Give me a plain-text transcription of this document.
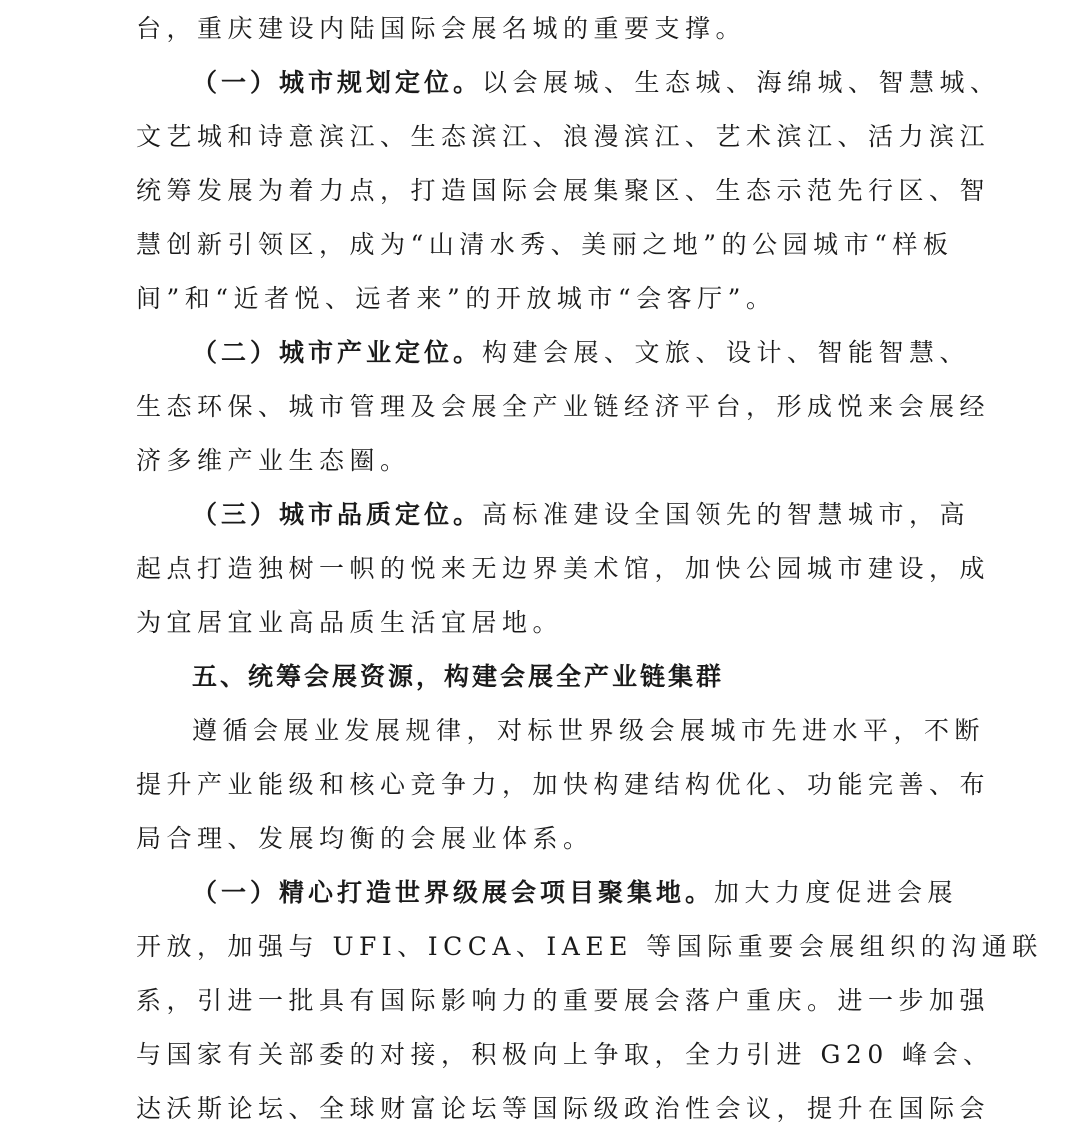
台，重庆建设内陆国际会展名城的重要支撑。

（一）城市规划定位。以会展城、生态城、海绵城、智慧城、
文艺城和诗意滨江、生态滨江、浪漫滨江、艺术滨江、活力滨江
统筹发展为着力点，打造国际会展集聚区、生态示范先行区、智
慧创新引领区，成为“山清水秀、美丽之地”的公园城市“样板
间”和“近者悦、远者来”的开放城市“会客厅”。

（二）城市产业定位。构建会展、文旅、设计、智能智慧、
生态环保、城市管理及会展全产业链经济平台，形成悦来会展经
济多维产业生态圈。

（三）城市品质定位。高标准建设全国领先的智慧城市，高
起点打造独树一帜的悦来无边界美术馆，加快公园城市建设，成
为宜居宜业高品质生活宜居地。

五、统筹会展资源，构建会展全产业链集群

遵循会展业发展规律，对标世界级会展城市先进水平，不断
提升产业能级和核心竞争力，加快构建结构优化、功能完善、布
局合理、发展均衡的会展业体系。

（一）精心打造世界级展会项目聚集地。加大力度促进会展
开放，加强与 UFI、ICCA、IAEE 等国际重要会展组织的沟通联
系，引进一批具有国际影响力的重要展会落户重庆。进一步加强
与国家有关部委的对接，积极向上争取，全力引进 G20 峰会、
达沃斯论坛、全球财富论坛等国际级政治性会议，提升在国际会
